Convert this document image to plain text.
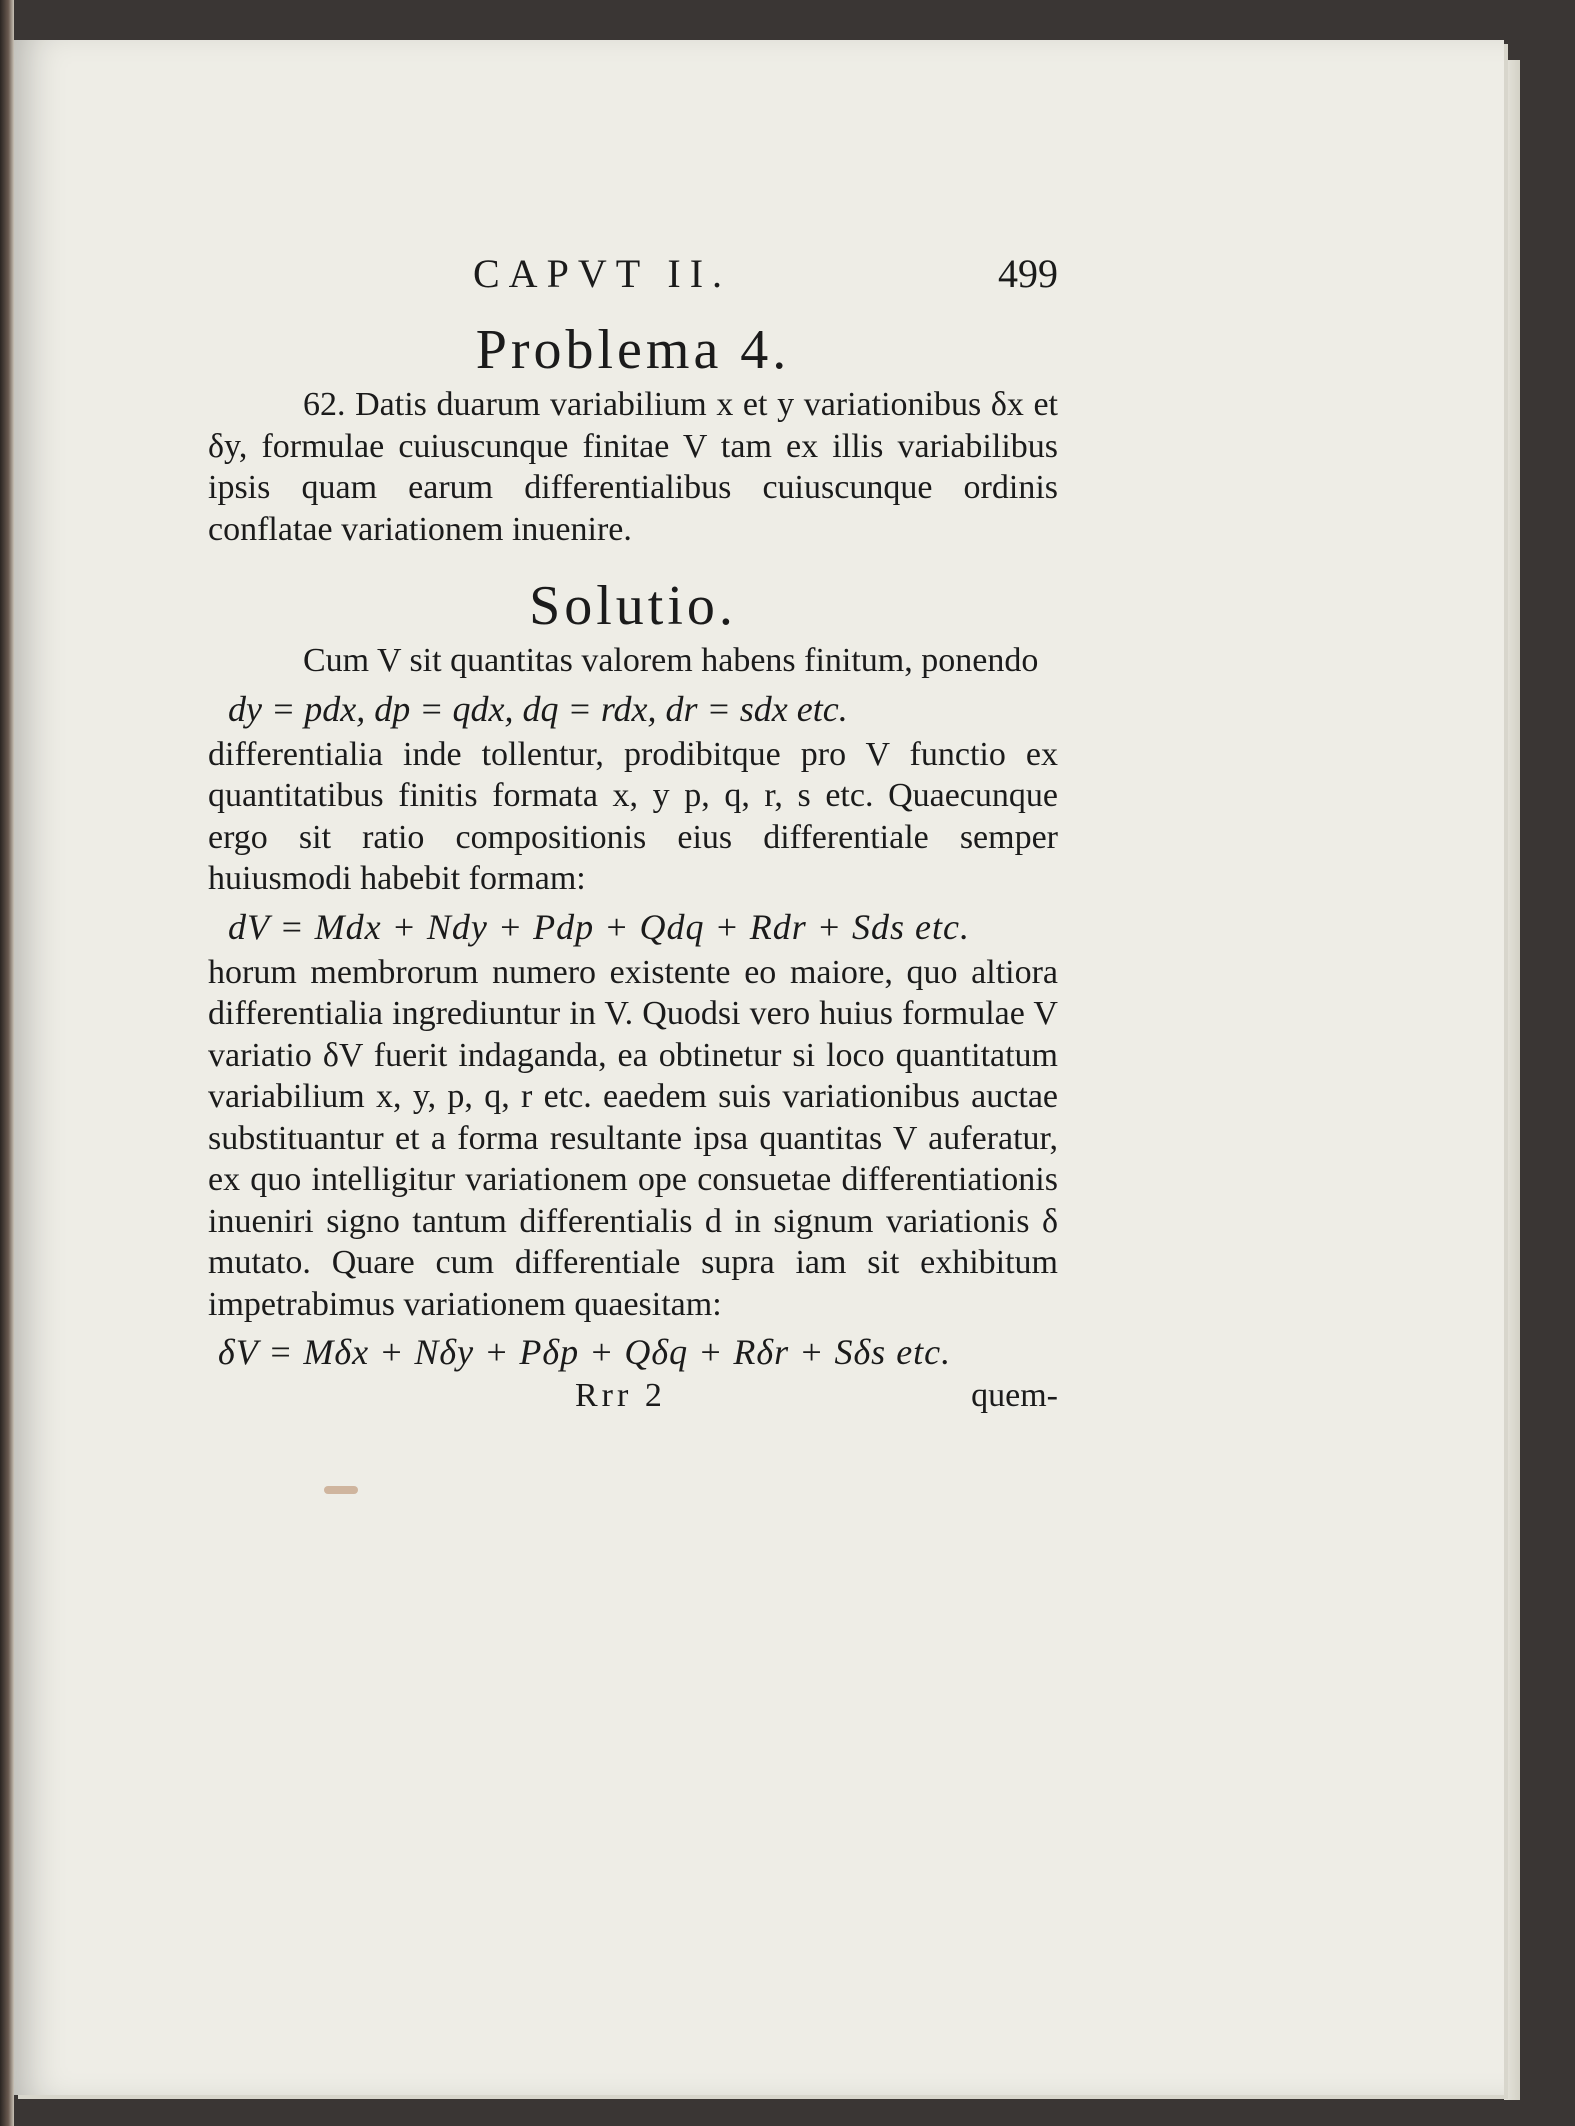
CAPVT II.	499
Problema 4.

62. Datis duarum variabilium x et y variationibus δx et δy, formulae cuiuscunque finitae V tam ex illis variabilibus ipsis quam earum differentialibus cuiuscunque ordinis conflatae variationem inuenire.

Solutio.

Cum V sit quantitas valorem habens finitum, ponendo

dy = pdx, dp = qdx, dq = rdx, dr = sdx etc.

differentialia inde tollentur, prodibitque pro V functio ex quantitatibus finitis formata x, y p, q, r, s etc. Quaecunque ergo sit ratio compositionis eius differentiale semper huiusmodi habebit formam:

dV = Mdx + Ndy + Pdp + Qdq + Rdr + Sds etc.

horum membrorum numero existente eo maiore, quo altiora differentialia ingrediuntur in V. Quodsi vero huius formulae V variatio δV fuerit indaganda, ea obtinetur si loco quantitatum variabilium x, y, p, q, r etc. eaedem suis variationibus auctae substituantur et a forma resultante ipsa quantitas V auferatur, ex quo intelligitur variationem ope consuetae differentiationis inueniri signo tantum differentialis d in signum variationis δ mutato. Quare cum differentiale supra iam sit exhibitum impetrabimus variationem quaesitam:

δV = Mδx + Nδy + Pδp + Qδq + Rδr + Sδs etc.
Rrr 2	quem-
